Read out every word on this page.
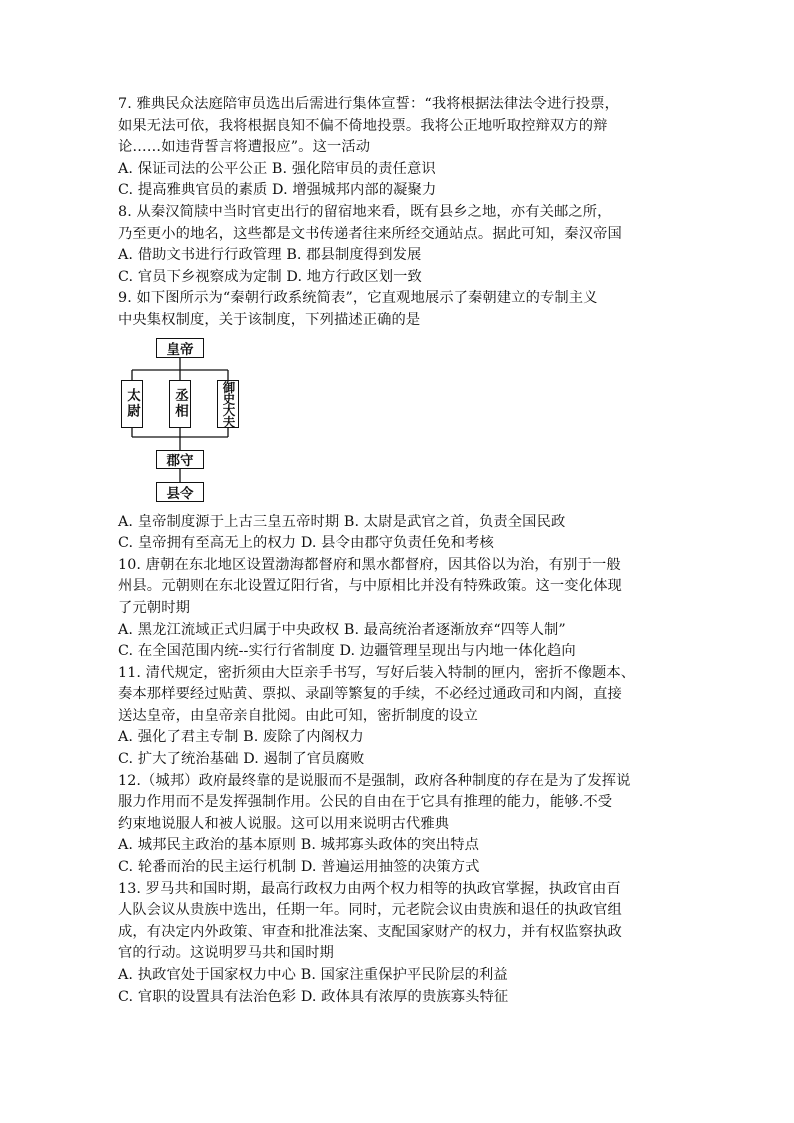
7. 雅典民众法庭陪审员选出后需进行集体宣誓：“我将根据法律法令进行投票，
如果无法可依，我将根据良知不偏不倚地投票。我将公正地听取控辩双方的辩
论……如违背誓言将遭报应”。这一活动
A. 保证司法的公平公正 B. 强化陪审员的责任意识
C. 提高雅典官员的素质 D. 增强城邦内部的凝聚力
8. 从秦汉简牍中当时官吏出行的留宿地来看，既有县乡之地，亦有关邮之所，
乃至更小的地名，这些都是文书传递者往来所经交通站点。据此可知，秦汉帝国
A. 借助文书进行行政管理 B. 郡县制度得到发展
C. 官员下乡视察成为定制 D. 地方行政区划一致
9. 如下图所示为“秦朝行政系统简表”，它直观地展示了秦朝建立的专制主义
中央集权制度，关于该制度，下列描述正确的是
皇帝
太尉 丞相	御史大夫
郡守
县令
A. 皇帝制度源于上古三皇五帝时期 B. 太尉是武官之首，负责全国民政
C. 皇帝拥有至高无上的权力 D. 县令由郡守负责任免和考核
10. 唐朝在东北地区设置渤海都督府和黑水都督府，因其俗以为治，有别于一般
州县。元朝则在东北设置辽阳行省，与中原相比并没有特殊政策。这一变化体现
了元朝时期
A. 黑龙江流域正式归属于中央政权 B. 最高统治者逐渐放弃“四等人制”
C. 在全国范围内统--实行行省制度 D. 边疆管理呈现出与内地一体化趋向
11. 清代规定，密折须由大臣亲手书写，写好后装入特制的匣内，密折不像题本、
奏本那样要经过贴黄、票拟、录副等繁复的手续，不必经过通政司和内阁，直接
送达皇帝，由皇帝亲自批阅。由此可知，密折制度的设立
A. 强化了君主专制 B. 废除了内阁权力
C. 扩大了统治基础 D. 遏制了官员腐败
12.（城邦）政府最终靠的是说服而不是强制，政府各种制度的存在是为了发挥说
服力作用而不是发挥强制作用。公民的自由在于它具有推理的能力，能够.不受
约束地说服人和被人说服。这可以用来说明古代雅典
A. 城邦民主政治的基本原则 B. 城邦寡头政体的突出特点
C. 轮番而治的民主运行机制 D. 普遍运用抽签的决策方式
13. 罗马共和国时期，最高行政权力由两个权力相等的执政官掌握，执政官由百
人队会议从贵族中选出，任期一年。同时，元老院会议由贵族和退任的执政官组
成，有决定内外政策、审查和批准法案、支配国家财产的权力，并有权监察执政
官的行动。这说明罗马共和国时期
A. 执政官处于国家权力中心 B. 国家注重保护平民阶层的利益
C. 官职的设置具有法治色彩 D. 政体具有浓厚的贵族寡头特征
